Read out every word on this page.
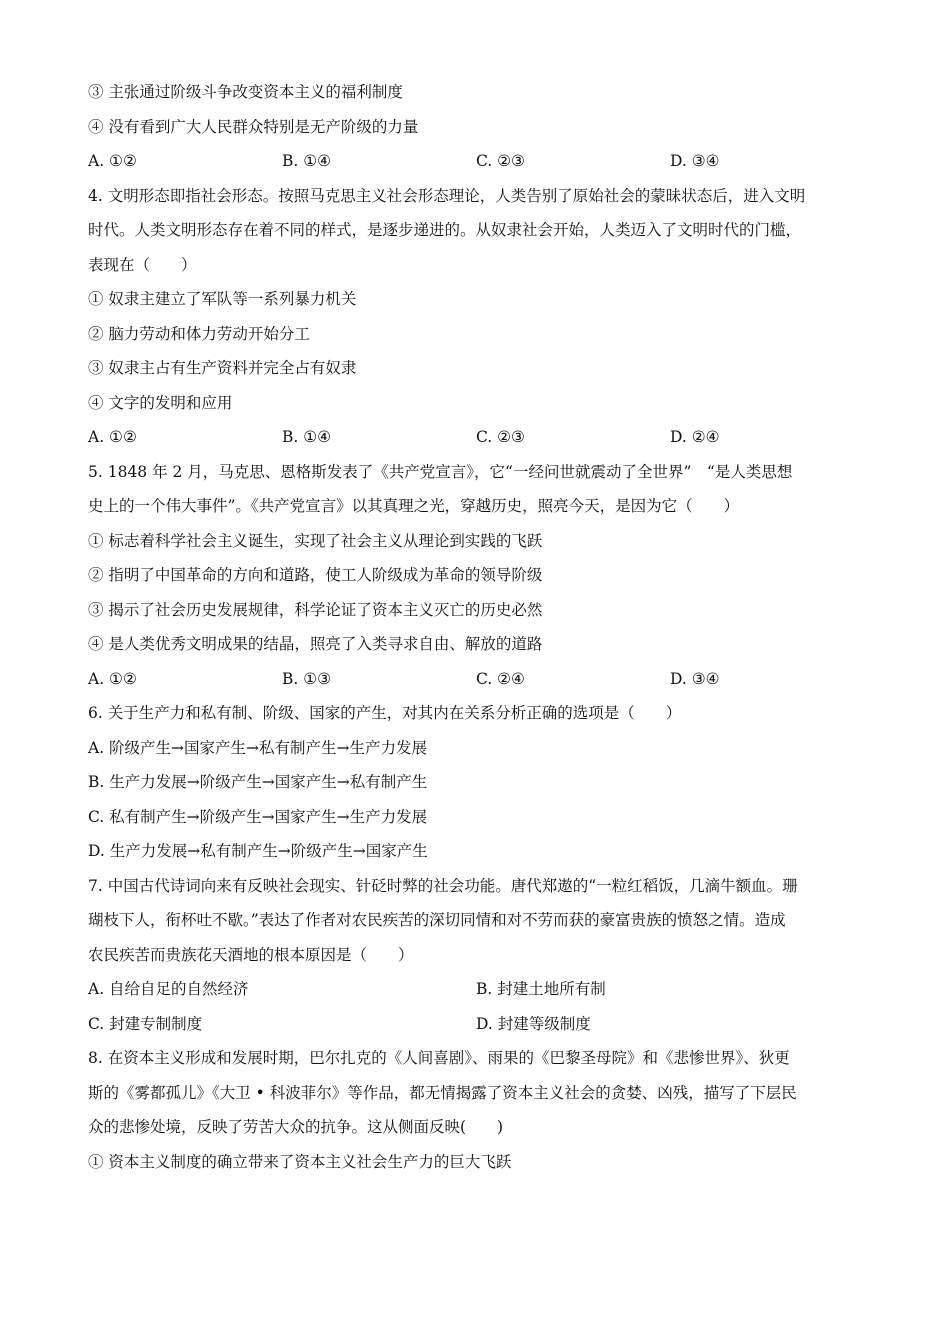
③ 主张通过阶级斗争改变资本主义的福利制度
④ 没有看到广大人民群众特别是无产阶级的力量
A. ①②	B. ①④	C. ②③	D. ③④
4. 文明形态即指社会形态。按照马克思主义社会形态理论，人类告别了原始社会的蒙昧状态后，进入文明
时代。人类文明形态存在着不同的样式，是逐步递进的。从奴隶社会开始，人类迈入了文明时代的门槛，
表现在（　　）
① 奴隶主建立了军队等一系列暴力机关
② 脑力劳动和体力劳动开始分工
③ 奴隶主占有生产资料并完全占有奴隶
④ 文字的发明和应用
A. ①②	B. ①④	C. ②③	D. ②④
5. 1848 年 2 月，马克思、恩格斯发表了《共产党宣言》，它“一经问世就震动了全世界”　“是人类思想
史上的一个伟大事件”。《共产党宣言》以其真理之光，穿越历史，照亮今天，是因为它（　　）
① 标志着科学社会主义诞生，实现了社会主义从理论到实践的飞跃
② 指明了中国革命的方向和道路，使工人阶级成为革命的领导阶级
③ 揭示了社会历史发展规律，科学论证了资本主义灭亡的历史必然
④ 是人类优秀文明成果的结晶，照亮了入类寻求自由、解放的道路
A. ①②	B. ①③	C. ②④	D. ③④
6. 关于生产力和私有制、阶级、国家的产生，对其内在关系分析正确的选项是（　　）
A. 阶级产生→国家产生→私有制产生→生产力发展
B. 生产力发展→阶级产生→国家产生→私有制产生
C. 私有制产生→阶级产生→国家产生→生产力发展
D. 生产力发展→私有制产生→阶级产生→国家产生
7. 中国古代诗词向来有反映社会现实、针砭时弊的社会功能。唐代郑遨的“一粒红稻饭，几滴牛额血。珊
瑚枝下人，衔杯吐不歇。”表达了作者对农民疾苦的深切同情和对不劳而获的豪富贵族的愤怒之情。造成
农民疾苦而贵族花天酒地的根本原因是（　　）
A. 自给自足的自然经济	B. 封建土地所有制
C. 封建专制制度	D. 封建等级制度
8. 在资本主义形成和发展时期，巴尔扎克的《人间喜剧》、雨果的《巴黎圣母院》和《悲惨世界》、狄更
斯的《雾都孤儿》《大卫 • 科波菲尔》等作品，都无情揭露了资本主义社会的贪婪、凶残，描写了下层民
众的悲惨处境，反映了劳苦大众的抗争。这从侧面反映(　　)
① 资本主义制度的确立带来了资本主义社会生产力的巨大飞跃
